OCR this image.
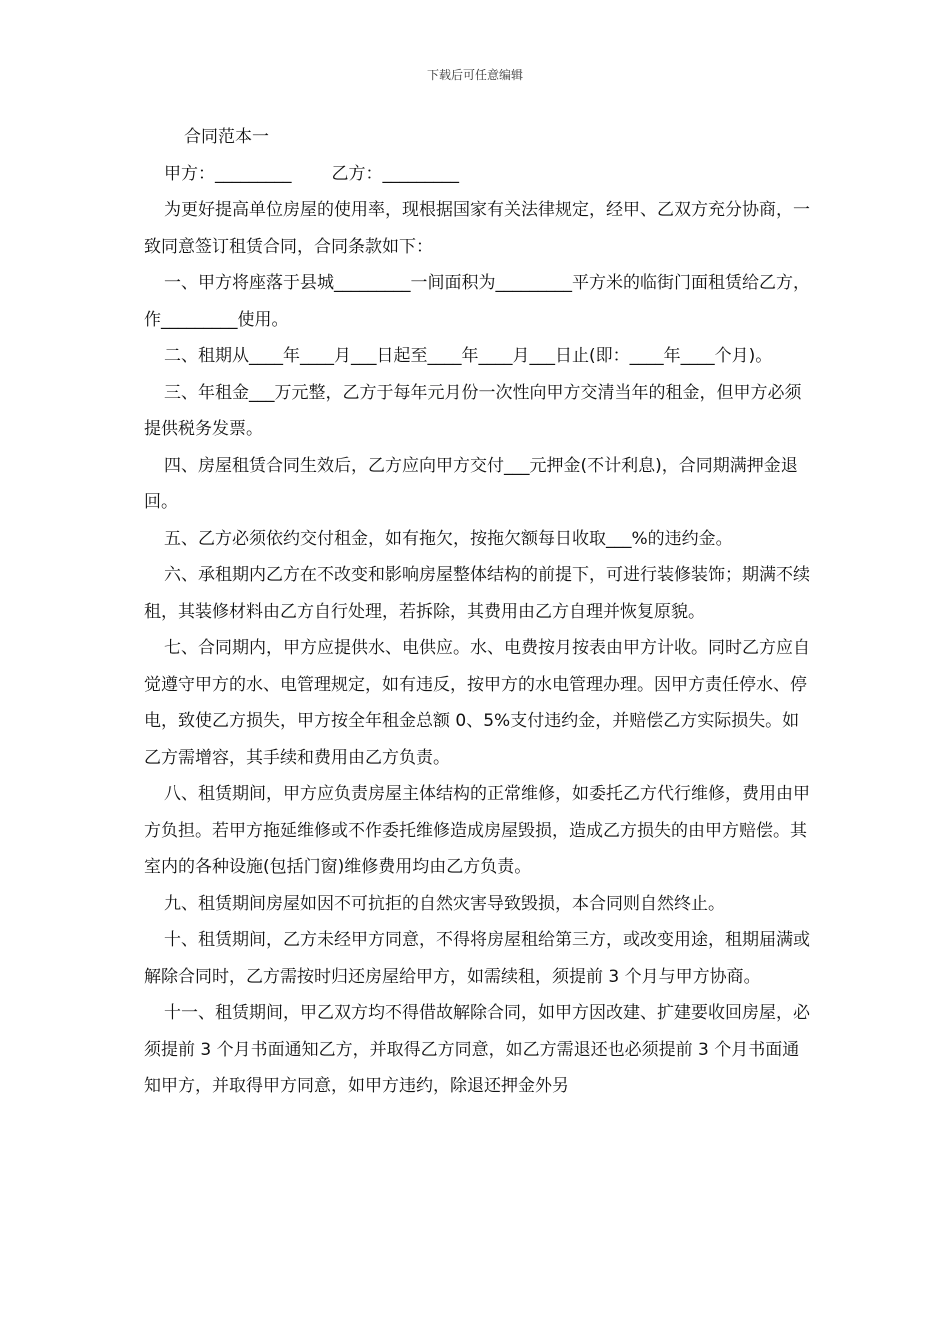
下载后可任意编辑

合同范本一

甲方：_________ 乙方：_________

为更好提高单位房屋的使用率，现根据国家有关法律规定，经甲、乙双方充分协商，一致同意签订租赁合同，合同条款如下：

一、甲方将座落于县城_________一间面积为_________平方米的临街门面租赁给乙方，作_________使用。

二、租期从____年____月___日起至____年____月___日止(即：____年____个月)。

三、年租金___万元整，乙方于每年元月份一次性向甲方交清当年的租金，但甲方必须提供税务发票。

四、房屋租赁合同生效后，乙方应向甲方交付___元押金(不计利息)，合同期满押金退回。

五、乙方必须依约交付租金，如有拖欠，按拖欠额每日收取___%的违约金。

六、承租期内乙方在不改变和影响房屋整体结构的前提下，可进行装修装饰；期满不续租，其装修材料由乙方自行处理，若拆除，其费用由乙方自理并恢复原貌。

七、合同期内，甲方应提供水、电供应。水、电费按月按表由甲方计收。同时乙方应自觉遵守甲方的水、电管理规定，如有违反，按甲方的水电管理办理。因甲方责任停水、停电，致使乙方损失，甲方按全年租金总额 0、5%支付违约金，并赔偿乙方实际损失。如乙方需增容，其手续和费用由乙方负责。

八、租赁期间，甲方应负责房屋主体结构的正常维修，如委托乙方代行维修，费用由甲方负担。若甲方拖延维修或不作委托维修造成房屋毁损，造成乙方损失的由甲方赔偿。其室内的各种设施(包括门窗)维修费用均由乙方负责。

九、租赁期间房屋如因不可抗拒的自然灾害导致毁损，本合同则自然终止。

十、租赁期间，乙方未经甲方同意，不得将房屋租给第三方，或改变用途，租期届满或解除合同时，乙方需按时归还房屋给甲方，如需续租，须提前 3 个月与甲方协商。

十一、租赁期间，甲乙双方均不得借故解除合同，如甲方因改建、扩建要收回房屋，必须提前 3 个月书面通知乙方，并取得乙方同意，如乙方需退还也必须提前 3 个月书面通知甲方，并取得甲方同意，如甲方违约，除退还押金外另
